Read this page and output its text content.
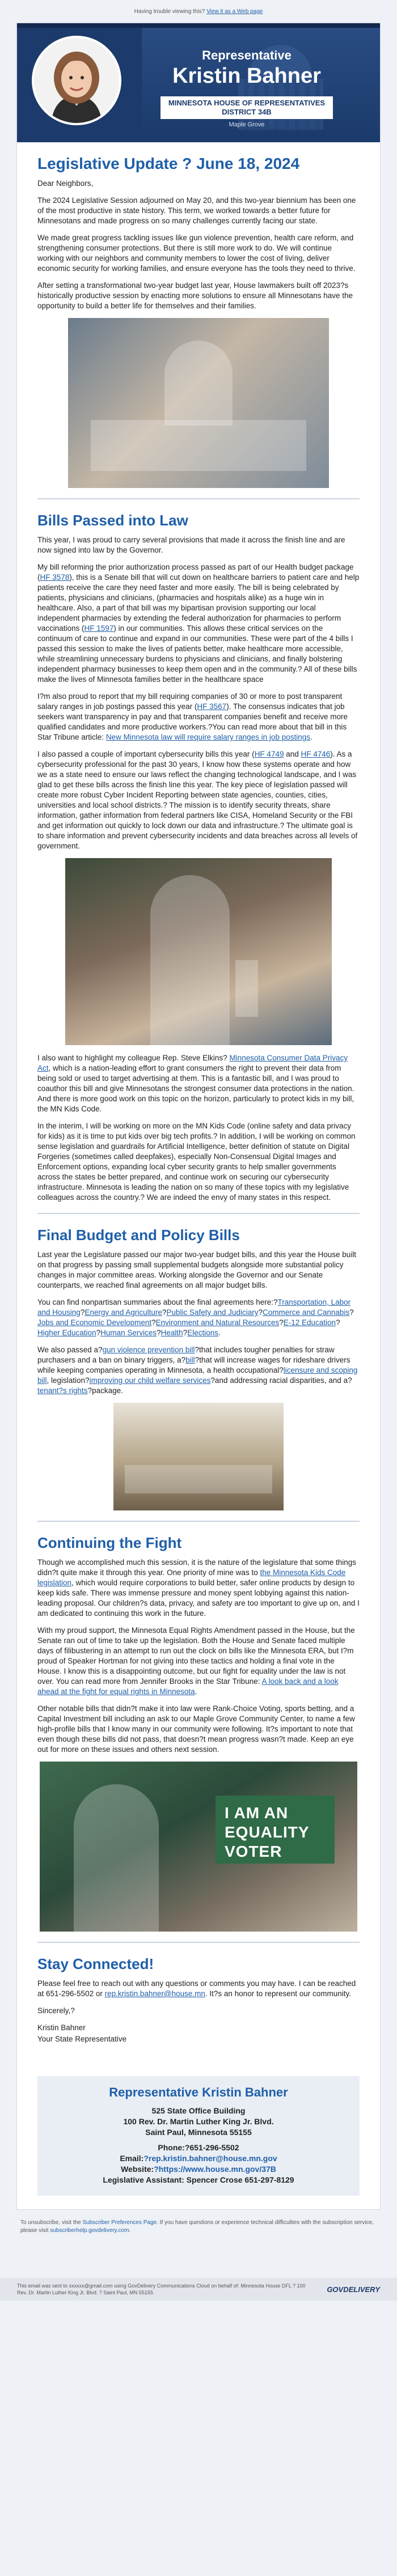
Having trouble viewing this? View it as a Web page
Representative
Kristin Bahner
MINNESOTA HOUSE OF REPRESENTATIVES
DISTRICT 34B
Maple Grove
Legislative Update ? June 18, 2024

Dear Neighbors,

The 2024 Legislative Session adjourned on May 20, and this two-year biennium has been one of the most productive in state history. This term, we worked towards a better future for Minnesotans and made progress on so many challenges currently facing our state.

We made great progress tackling issues like gun violence prevention, health care reform, and strengthening consumer protections. But there is still more work to do. We will continue working with our neighbors and community members to lower the cost of living, deliver economic security for working families, and ensure everyone has the tools they need to thrive.

After setting a transformational two-year budget last year, House lawmakers built off 2023?s historically productive session by enacting more solutions to ensure all Minnesotans have the opportunity to build a better life for themselves and their families.

Bills Passed into Law

This year, I was proud to carry several provisions that made it across the finish line and are now signed into law by the Governor.

My bill reforming the prior authorization process passed as part of our Health budget package (HF 3578), this is a Senate bill that will cut down on healthcare barriers to patient care and help patients receive the care they need faster and more easily. The bill is being celebrated by patients, physicians and clinicians, (pharmacies and hospitals alike) as a huge win in healthcare. Also, a part of that bill was my bipartisan provision supporting our local independent pharmacies by extending the federal authorization for pharmacies to perform vaccinations (HF 1597) in our communities. This allows these critical services on the continuum of care to continue and expand in our communities. These were part of the 4 bills I passed this session to make the lives of patients better, make healthcare more accessible, while streamlining unnecessary burdens to physicians and clinicians, and finally bolstering independent pharmacy businesses to keep them open and in the community.? All of these bills make the lives of Minnesota families better in the healthcare space

I?m also proud to report that my bill requiring companies of 30 or more to post transparent salary ranges in job postings passed this year (HF 3567). The consensus indicates that job seekers want transparency in pay and that transparent companies benefit and receive more qualified candidates and more productive workers.?You can read more about that bill in this Star Tribune article: New Minnesota law will require salary ranges in job postings.

I also passed a couple of important cybersecurity bills this year (HF 4749 and HF 4746). As a cybersecurity professional for the past 30 years, I know how these systems operate and how we as a state need to ensure our laws reflect the changing technological landscape, and I was glad to get these bills across the finish line this year. The key piece of legislation passed will create more robust Cyber Incident Reporting between state agencies, counties, cities, universities and local school districts.? The mission is to identify security threats, share information, gather information from federal partners like CISA, Homeland Security or the FBI and get information out quickly to lock down our data and infrastructure.? The ultimate goal is to share information and prevent cybersecurity incidents and data breaches across all levels of government.

I also want to highlight my colleague Rep. Steve Elkins? Minnesota Consumer Data Privacy Act, which is a nation-leading effort to grant consumers the right to prevent their data from being sold or used to target advertising at them. This is a fantastic bill, and I was proud to coauthor this bill and give Minnesotans the strongest consumer data protections in the nation. And there is more good work on this topic on the horizon, particularly to protect kids in my bill, the MN Kids Code.

In the interim, I will be working on more on the MN Kids Code (online safety and data privacy for kids) as it is time to put kids over big tech profits.? In addition, I will be working on common sense legislation and guardrails for Artificial Intelligence, better definition of statute on Digital Forgeries (sometimes called deepfakes), especially Non-Consensual Digital Images and Enforcement options, expanding local cyber security grants to help smaller governments across the states be better prepared, and continue work on securing our cybersecurity infrastructure. Minnesota is leading the nation on so many of these topics with my legislative colleagues across the country.? We are indeed the envy of many states in this respect.

Final Budget and Policy Bills

Last year the Legislature passed our major two-year budget bills, and this year the House built on that progress by passing small supplemental budgets alongside more substantial policy changes in major committee areas. Working alongside the Governor and our Senate counterparts, we reached final agreements on all major budget bills.

You can find nonpartisan summaries about the final agreements here:?Transportation, Labor and Housing?Energy and Agriculture?Public Safety and Judiciary?Commerce and Cannabis?Jobs and Economic Development?Environment and Natural Resources?E-12 Education?Higher Education?Human Services?Health?Elections.

We also passed a?gun violence prevention bill?that includes tougher penalties for straw purchasers and a ban on binary triggers, a?bill?that will increase wages for rideshare drivers while keeping companies operating in Minnesota, a health occupational?licensure and scoping bill, legislation?improving our child welfare services?and addressing racial disparities, and a?tenant?s rights?package.

Continuing the Fight

Though we accomplished much this session, it is the nature of the legislature that some things didn?t quite make it through this year. One priority of mine was to the Minnesota Kids Code legislation, which would require corporations to build better, safer online products by design to keep kids safe. There was immense pressure and money spent lobbying against this nation-leading proposal. Our children?s data, privacy, and safety are too important to give up on, and I am dedicated to continuing this work in the future.

With my proud support, the Minnesota Equal Rights Amendment passed in the House, but the Senate ran out of time to take up the legislation. Both the House and Senate faced multiple days of filibustering in an attempt to run out the clock on bills like the Minnesota ERA, but I?m proud of Speaker Hortman for not giving into these tactics and holding a final vote in the House. I know this is a disappointing outcome, but our fight for equality under the law is not over. You can read more from Jennifer Brooks in the Star Tribune: A look back and a look ahead at the fight for equal rights in Minnesota.

Other notable bills that didn?t make it into law were Rank-Choice Voting, sports betting, and a Capital Investment bill including an ask to our Maple Grove Community Center, to name a few high-profile bills that I know many in our community were following. It?s important to note that even though these bills did not pass, that doesn?t mean progress wasn?t made. Keep an eye out for more on these issues and others next session.

I AM AN EQUALITY VOTER
Stay Connected!

Please feel free to reach out with any questions or comments you may have. I can be reached at 651-296-5502 or rep.kristin.bahner@house.mn. It?s an honor to represent our community.

Sincerely,?

Kristin Bahner

Your State Representative

Representative Kristin Bahner
525 State Office Building
100 Rev. Dr. Martin Luther King Jr. Blvd.
Saint Paul, Minnesota 55155
Phone:?651-296-5502
Email:?rep.kristin.bahner@house.mn.gov
Website:?https://www.house.mn.gov/37B
Legislative Assistant: Spencer Crose 651-297-8129
To unsubscribe, visit the Subscriber Preferences Page. If you have questions or experience technical difficulties with the subscription service, please visit subscriberhelp.govdelivery.com.
This email was sent to xxxxxx@gmail.com using GovDelivery Communications Cloud on behalf of: Minnesota House DFL ? 100
Rev. Dr. Martin Luther King Jr. Blvd. ? Saint Paul, MN 55155	GOVDELIVERY
